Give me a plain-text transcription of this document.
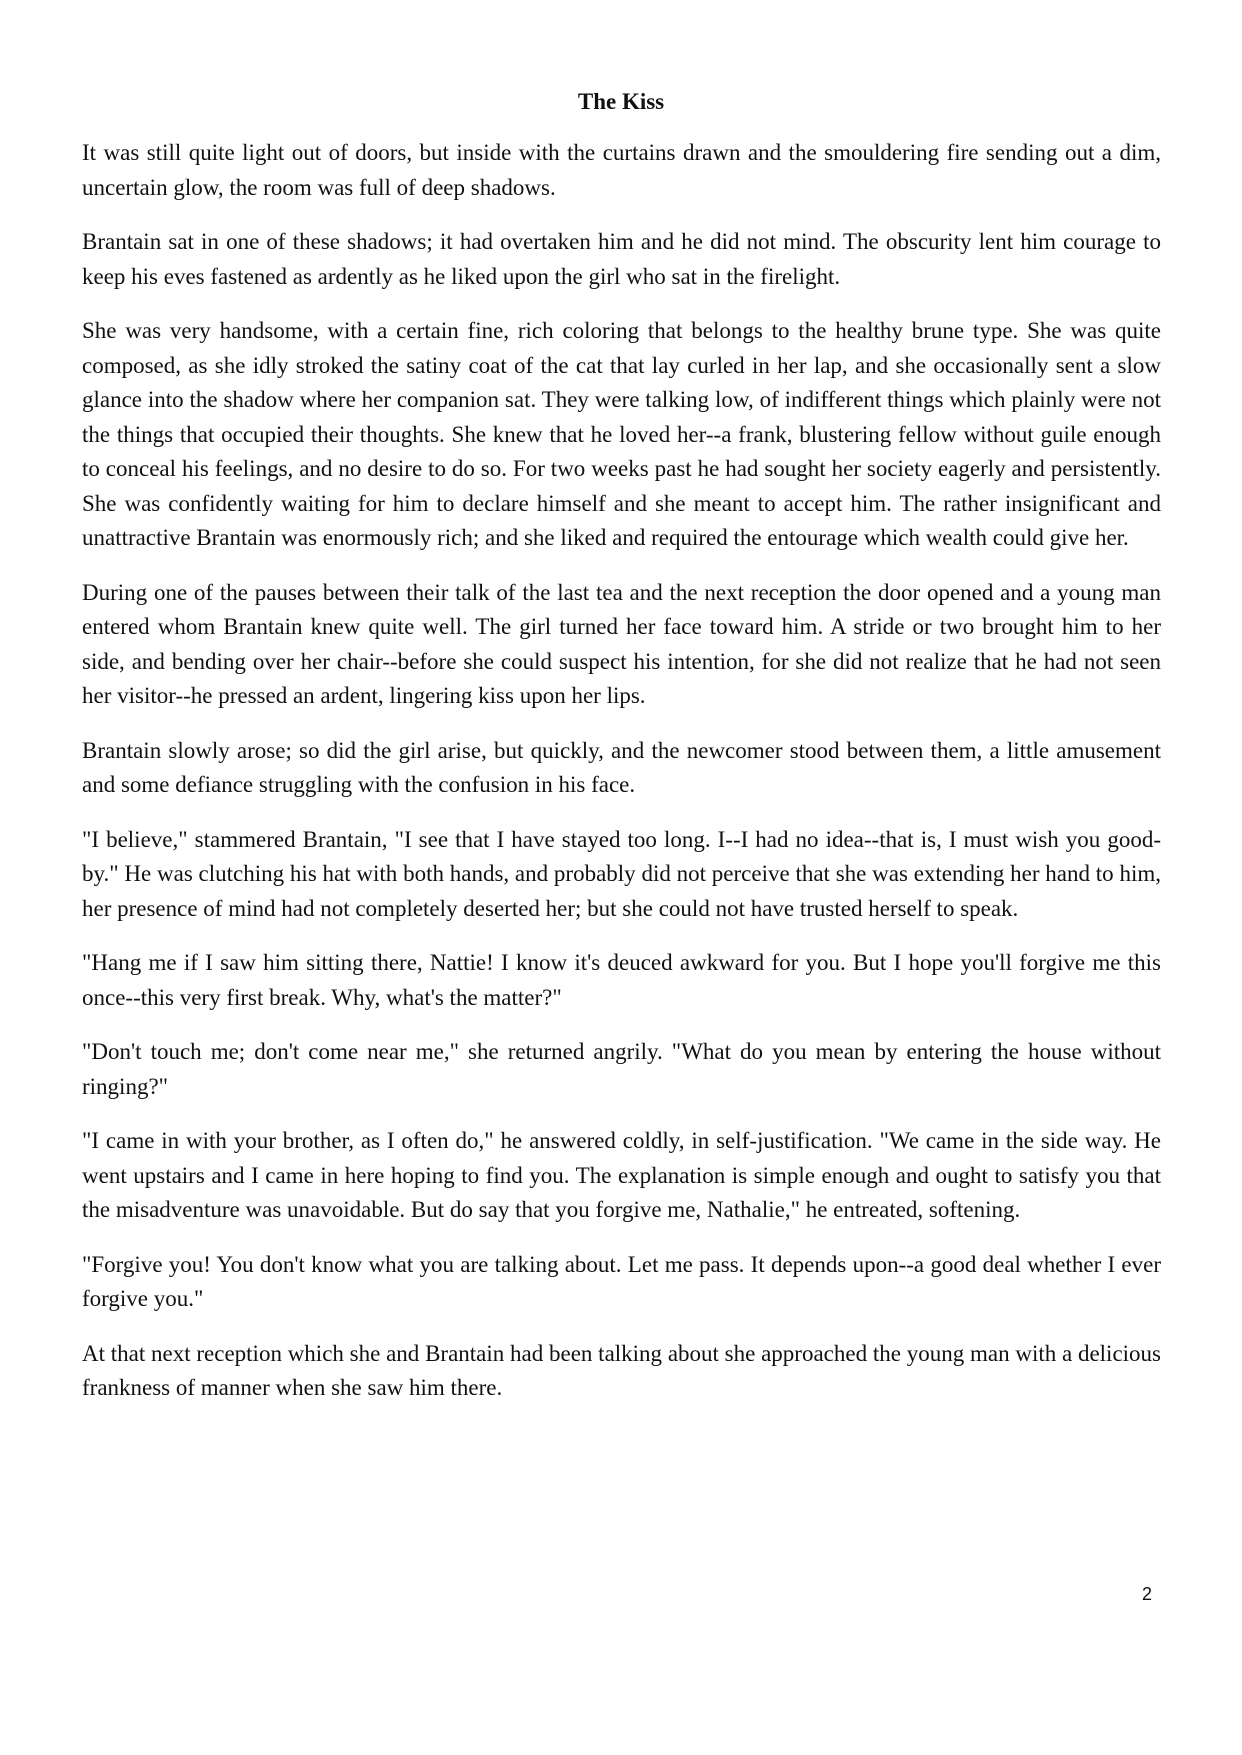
The Kiss

It was still quite light out of doors, but inside with the curtains drawn and the smouldering fire sending out a dim, uncertain glow, the room was full of deep shadows.

Brantain sat in one of these shadows; it had overtaken him and he did not mind. The obscurity lent him courage to keep his eves fastened as ardently as he liked upon the girl who sat in the firelight.

She was very handsome, with a certain fine, rich coloring that belongs to the healthy brune type. She was quite composed, as she idly stroked the satiny coat of the cat that lay curled in her lap, and she occasionally sent a slow glance into the shadow where her companion sat. They were talking low, of indifferent things which plainly were not the things that occupied their thoughts. She knew that he loved her--a frank, blustering fellow without guile enough to conceal his feelings, and no desire to do so. For two weeks past he had sought her society eagerly and persistently. She was confidently waiting for him to declare himself and she meant to accept him. The rather insignificant and unattractive Brantain was enormously rich; and she liked and required the entourage which wealth could give her.

During one of the pauses between their talk of the last tea and the next reception the door opened and a young man entered whom Brantain knew quite well. The girl turned her face toward him. A stride or two brought him to her side, and bending over her chair--before she could suspect his intention, for she did not realize that he had not seen her visitor--he pressed an ardent, lingering kiss upon her lips.

Brantain slowly arose; so did the girl arise, but quickly, and the newcomer stood between them, a little amusement and some defiance struggling with the confusion in his face.

"I believe," stammered Brantain, "I see that I have stayed too long. I--I had no idea--that is, I must wish you good-by." He was clutching his hat with both hands, and probably did not perceive that she was extending her hand to him, her presence of mind had not completely deserted her; but she could not have trusted herself to speak.

"Hang me if I saw him sitting there, Nattie! I know it's deuced awkward for you. But I hope you'll forgive me this once--this very first break. Why, what's the matter?"

"Don't touch me; don't come near me," she returned angrily. "What do you mean by entering the house without ringing?"

"I came in with your brother, as I often do," he answered coldly, in self-justification. "We came in the side way. He went upstairs and I came in here hoping to find you. The explanation is simple enough and ought to satisfy you that the misadventure was unavoidable. But do say that you forgive me, Nathalie," he entreated, softening.

"Forgive you! You don't know what you are talking about. Let me pass. It depends upon--a good deal whether I ever forgive you."

At that next reception which she and Brantain had been talking about she approached the young man with a delicious frankness of manner when she saw him there.

2
